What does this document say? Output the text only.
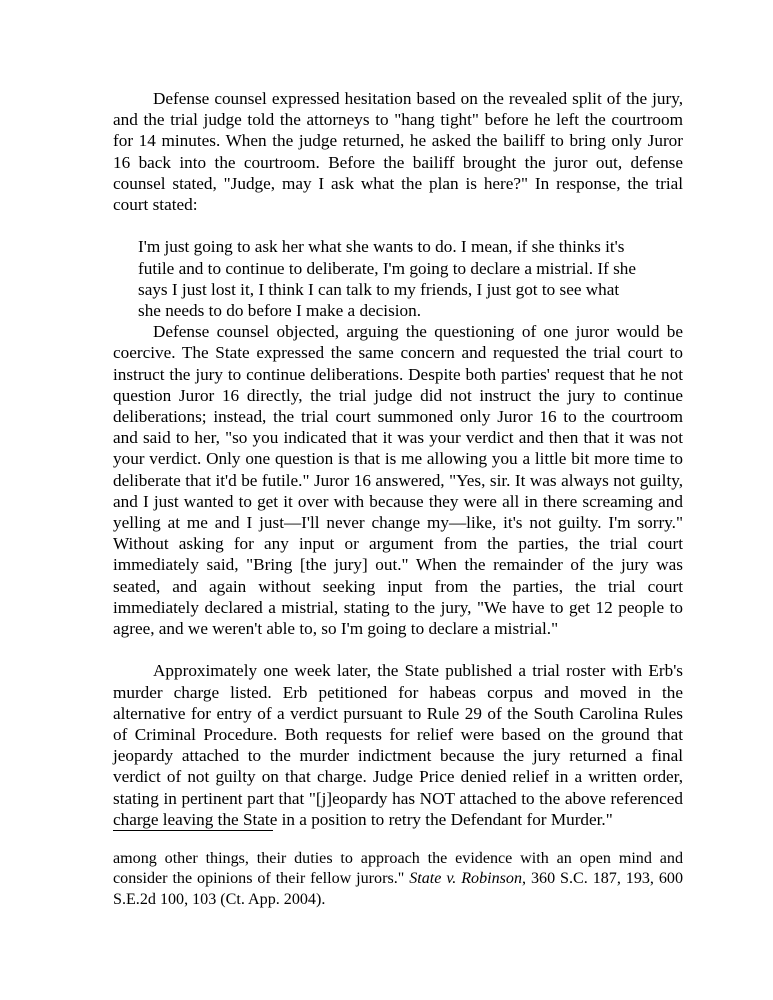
Defense counsel expressed hesitation based on the revealed split of the jury, and the trial judge told the attorneys to "hang tight" before he left the courtroom for 14 minutes. When the judge returned, he asked the bailiff to bring only Juror 16 back into the courtroom. Before the bailiff brought the juror out, defense counsel stated, "Judge, may I ask what the plan is here?" In response, the trial court stated:

I'm just going to ask her what she wants to do. I mean, if she thinks it's futile and to continue to deliberate, I'm going to declare a mistrial. If she says I just lost it, I think I can talk to my friends, I just got to see what she needs to do before I make a decision.

Defense counsel objected, arguing the questioning of one juror would be coercive. The State expressed the same concern and requested the trial court to instruct the jury to continue deliberations. Despite both parties' request that he not question Juror 16 directly, the trial judge did not instruct the jury to continue deliberations; instead, the trial court summoned only Juror 16 to the courtroom and said to her, "so you indicated that it was your verdict and then that it was not your verdict. Only one question is that is me allowing you a little bit more time to deliberate that it'd be futile." Juror 16 answered, "Yes, sir. It was always not guilty, and I just wanted to get it over with because they were all in there screaming and yelling at me and I just—I'll never change my—like, it's not guilty. I'm sorry." Without asking for any input or argument from the parties, the trial court immediately said, "Bring [the jury] out." When the remainder of the jury was seated, and again without seeking input from the parties, the trial court immediately declared a mistrial, stating to the jury, "We have to get 12 people to agree, and we weren't able to, so I'm going to declare a mistrial."

Approximately one week later, the State published a trial roster with Erb's murder charge listed. Erb petitioned for habeas corpus and moved in the alternative for entry of a verdict pursuant to Rule 29 of the South Carolina Rules of Criminal Procedure. Both requests for relief were based on the ground that jeopardy attached to the murder indictment because the jury returned a final verdict of not guilty on that charge. Judge Price denied relief in a written order, stating in pertinent part that "[j]eopardy has NOT attached to the above referenced charge leaving the State in a position to retry the Defendant for Murder."

among other things, their duties to approach the evidence with an open mind and consider the opinions of their fellow jurors." State v. Robinson, 360 S.C. 187, 193, 600 S.E.2d 100, 103 (Ct. App. 2004).
